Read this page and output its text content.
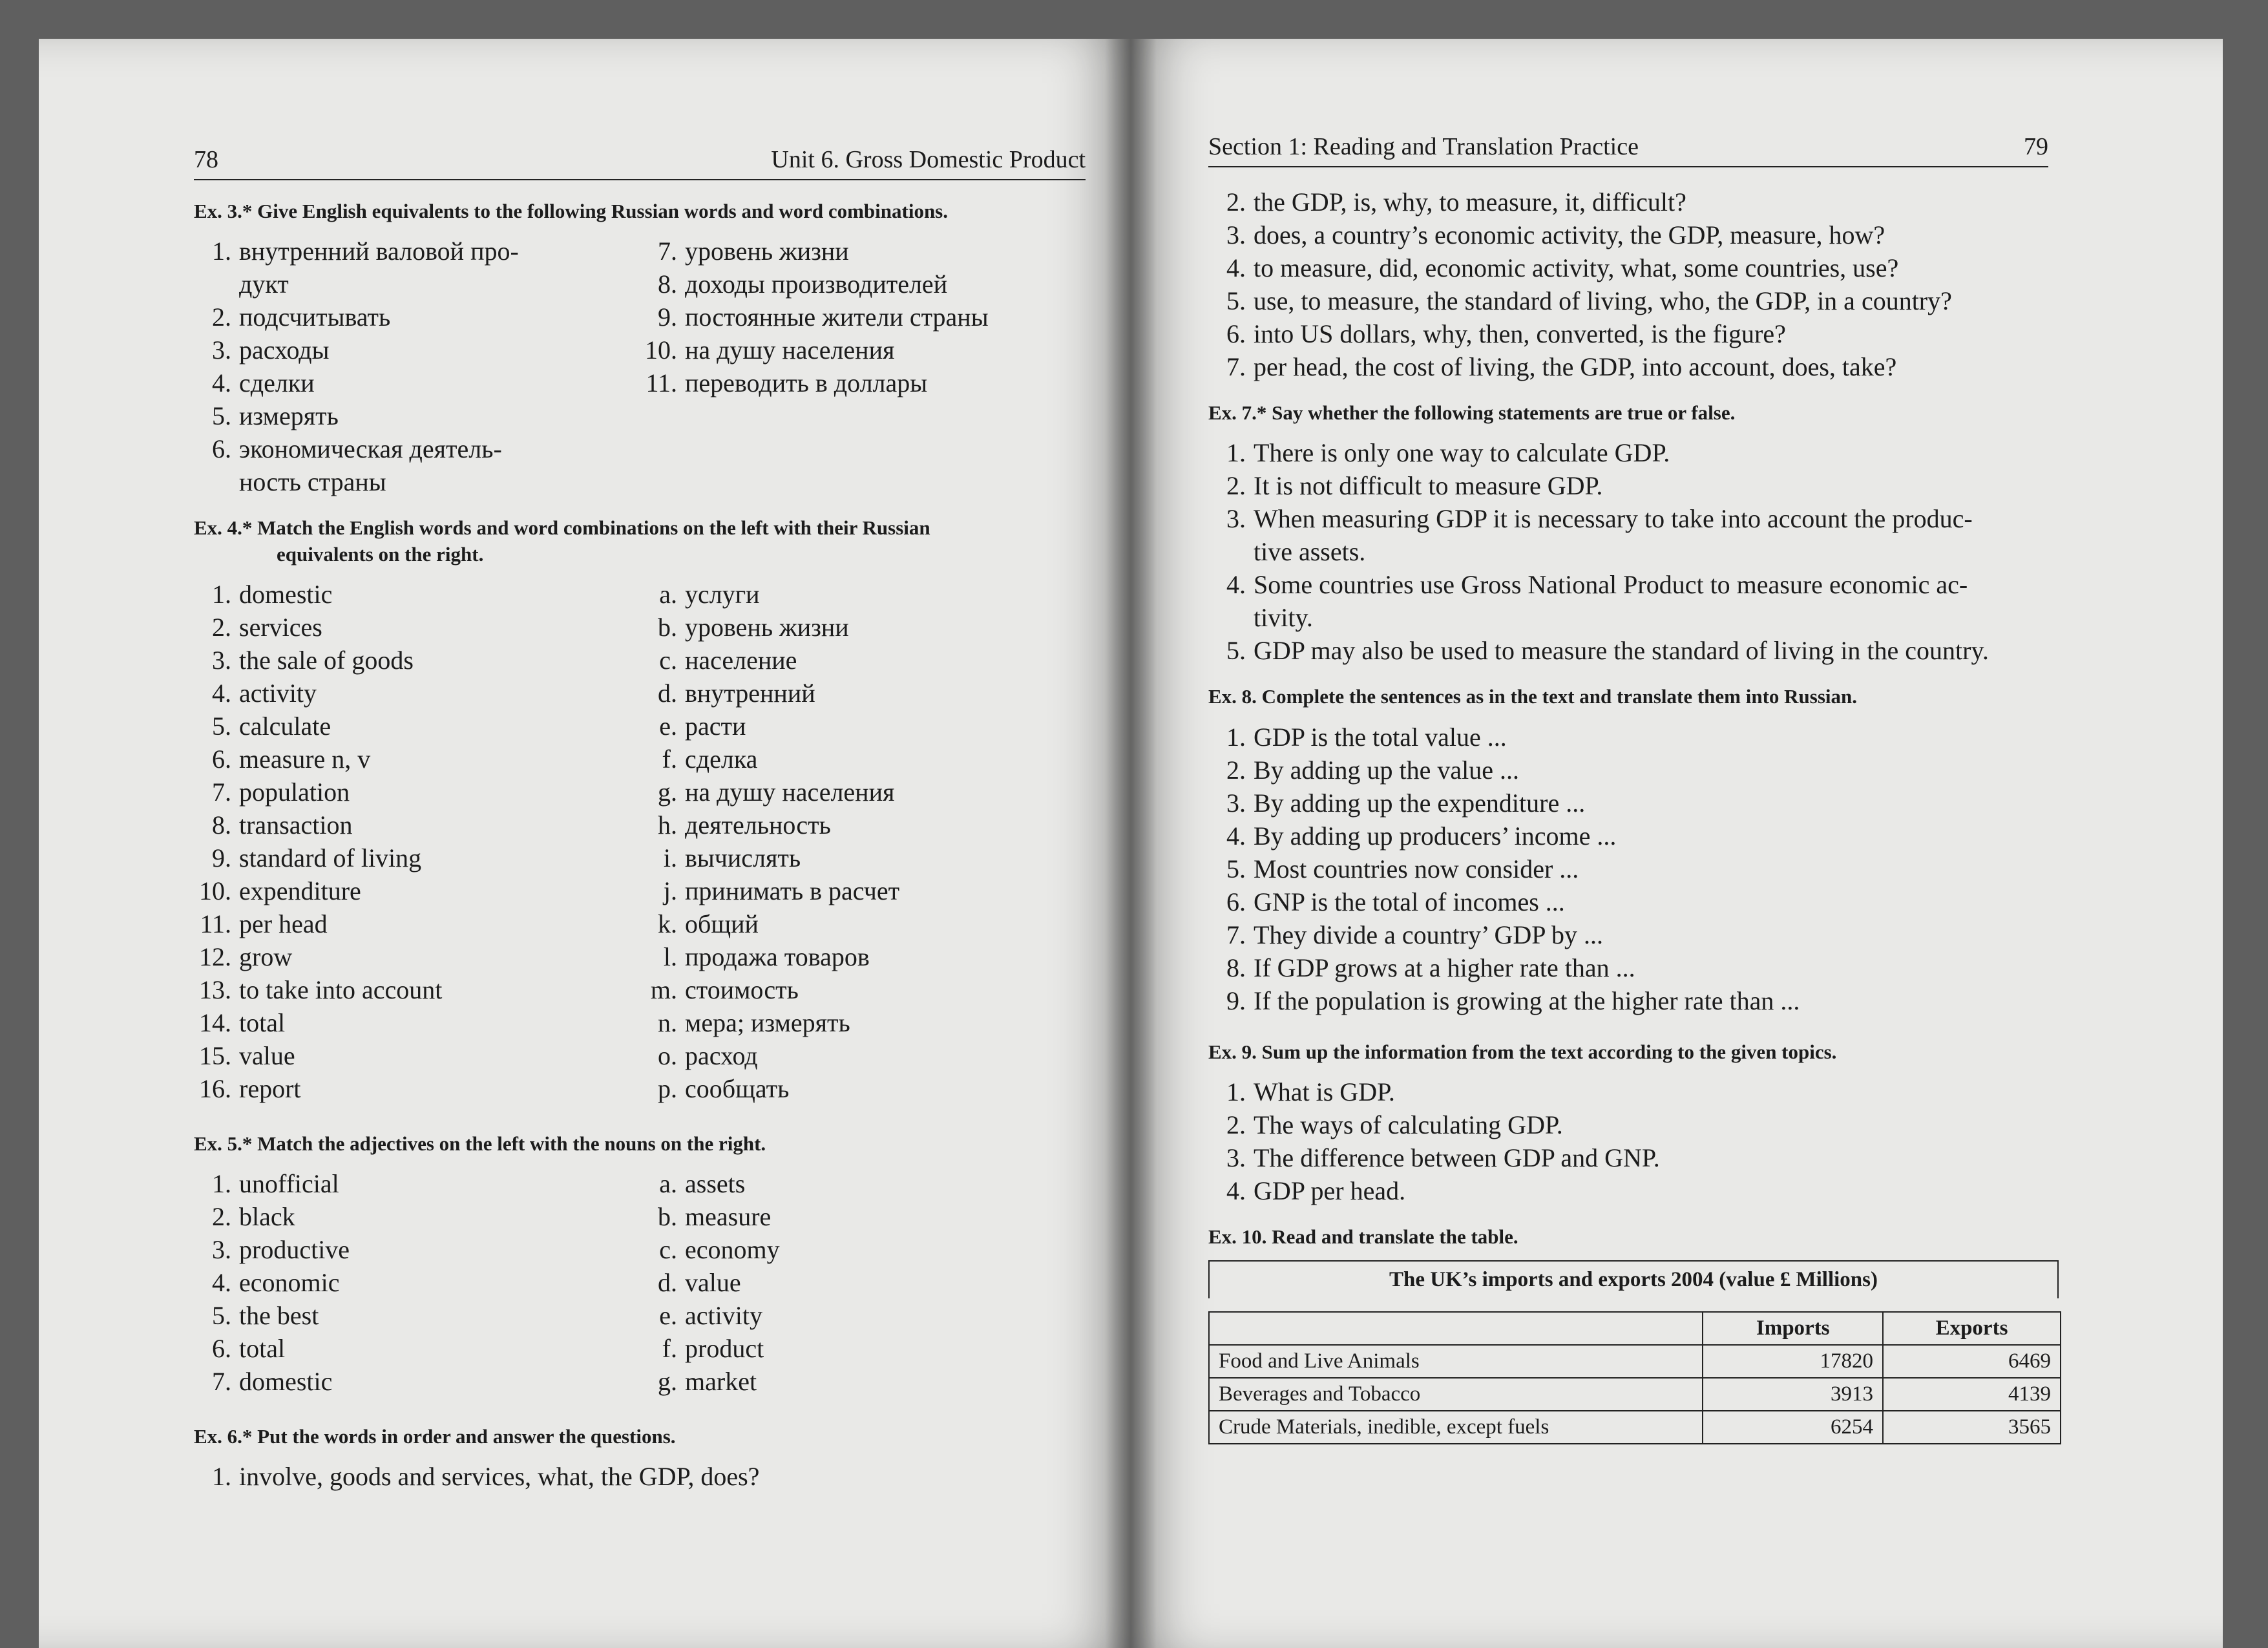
78	Unit 6. Gross Domestic Product
Ex. 3.* Give English equivalents to the following Russian words and word combinations.
1. внутренний валовой про-
дукт
2. подсчитывать
3. расходы
4. сделки
5. измерять
6. экономическая деятель-
ность страны
7. уровень жизни
8. доходы производителей
9. постоянные жители страны
10. на душу населения
11. переводить в доллары
Ex. 4.* Match the English words and word combinations on the left with their Russian
equivalents on the right.
1. domestic
2. services
3. the sale of goods
4. activity
5. calculate
6. measure n, v
7. population
8. transaction
9. standard of living
10. expenditure
11. per head
12. grow
13. to take into account
14. total
15. value
16. report
a. услуги
b. уровень жизни
c. население
d. внутренний
e. расти
f. сделка
g. на душу населения
h. деятельность
i. вычислять
j. принимать в расчет
k. общий
l. продажа товаров
m. стоимость
n. мера; измерять
o. расход
p. сообщать
Ex. 5.* Match the adjectives on the left with the nouns on the right.
1. unofficial
2. black
3. productive
4. economic
5. the best
6. total
7. domestic
a. assets
b. measure
c. economy
d. value
e. activity
f. product
g. market
Ex. 6.* Put the words in order and answer the questions.
1. involve, goods and services, what, the GDP, does?
Section 1: Reading and Translation Practice	79
2. the GDP, is, why, to measure, it, difficult?
3. does, a country’s economic activity, the GDP, measure, how?
4. to measure, did, economic activity, what, some countries, use?
5. use, to measure, the standard of living, who, the GDP, in a country?
6. into US dollars, why, then, converted, is the figure?
7. per head, the cost of living, the GDP, into account, does, take?
Ex. 7.* Say whether the following statements are true or false.
1. There is only one way to calculate GDP.
2. It is not difficult to measure GDP.
3. When measuring GDP it is necessary to take into account the produc-
tive assets.
4. Some countries use Gross National Product to measure economic ac-
tivity.
5. GDP may also be used to measure the standard of living in the country.
Ex. 8. Complete the sentences as in the text and translate them into Russian.
1. GDP is the total value ...
2. By adding up the value ...
3. By adding up the expenditure ...
4. By adding up producers’ income ...
5. Most countries now consider ...
6. GNP is the total of incomes ...
7. They divide a country’ GDP by ...
8. If GDP grows at a higher rate than ...
9. If the population is growing at the higher rate than ...
Ex. 9. Sum up the information from the text according to the given topics.
1. What is GDP.
2. The ways of calculating GDP.
3. The difference between GDP and GNP.
4. GDP per head.
Ex. 10. Read and translate the table.
The UK’s imports and exports 2004 (value £ Millions)
	Imports	Exports
Food and Live Animals	17820	6469
Beverages and Tobacco	3913	4139
Crude Materials, inedible, except fuels	6254	3565
